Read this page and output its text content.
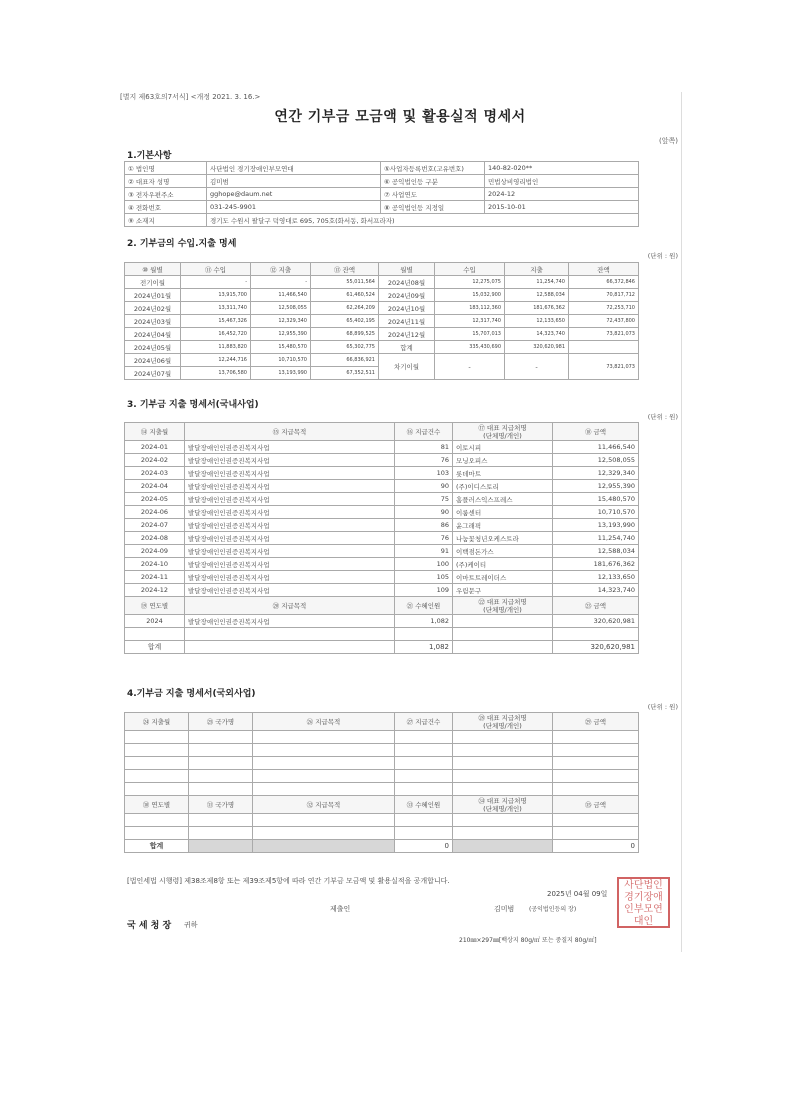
[별지 제63호의7서식] <개정 2021. 3. 16.>
연간 기부금 모금액 및 활용실적 명세서
(앞쪽)
1.기본사항
① 법인명	사단법인 경기장애인부모연대	⑤사업자등록번호(고유번호)	140-82-020**
② 대표자 성명	김미범	⑥ 공익법인등 구분	민법상비영리법인
③ 전자우편주소	gghope@daum.net	⑦ 사업연도	2024-12
④ 전화번호	031-245-9901	⑧ 공익법인등 지정일	2015-10-01
⑨ 소재지	경기도 수원시 팔달구 덕영대로 695, 705호(화서동, 화서프라자)		
2. 기부금의 수입.지출 명세
(단위 : 원)
⑩ 월별	⑪ 수입	⑫ 지출	⑬ 잔액	월별	수입	지출	잔액
전기이월	-	-	55,011,564	2024년08월	12,275,075	11,254,740	66,372,846
2024년01월	13,915,700	11,466,540	61,460,524	2024년09월	15,032,900	12,588,034	70,817,712
2024년02월	13,311,740	12,508,055	62,264,209	2024년10월	183,112,360	181,676,362	72,253,710
2024년03월	15,467,326	12,329,340	65,402,195	2024년11월	12,317,740	12,133,650	72,437,800
2024년04월	16,452,720	12,955,390	68,899,525	2024년12월	15,707,013	14,323,740	73,821,073
2024년05월	11,883,820	15,480,570	65,302,775	합계	335,430,690	320,620,981	
2024년06월	12,244,716	10,710,570	66,836,921	차기이월	-	-	73,821,073
2024년07월	13,706,580	13,193,990	67,352,511				
3. 기부금 지출 명세서(국내사업)
(단위 : 원)
⑭ 지출월	⑮ 지급목적	⑯ 지급건수	⑰ 대표 지급처명
(단체명/개인)	⑱ 금액
2024-01	발달장애인인권증진복지사업	81	이토시피	11,466,540
2024-02	발달장애인인권증진복지사업	76	모닝오피스	12,508,055
2024-03	발달장애인인권증진복지사업	103	롯데마트	12,329,340
2024-04	발달장애인인권증진복지사업	90	(주)이디스토리	12,955,390
2024-05	발달장애인인권증진복지사업	75	홈플러스익스프레스	15,480,570
2024-06	발달장애인인권증진복지사업	90	이룸센터	10,710,570
2024-07	발달장애인인권증진복지사업	86	윤그래픽	13,193,990
2024-08	발달장애인인권증진복지사업	76	나눔꽃청년오케스트라	11,254,740
2024-09	발달장애인인권증진복지사업	91	이백점돈가스	12,588,034
2024-10	발달장애인인권증진복지사업	100	(주)케이티	181,676,362
2024-11	발달장애인인권증진복지사업	105	이마트트레이더스	12,133,650
2024-12	발달장애인인권증진복지사업	109	우림문구	14,323,740
⑲ 연도별	⑳ 지급목적	㉑ 수혜인원	㉒ 대표 지급처명
(단체명/개인)	㉓ 금액
2024	발달장애인인권증진복지사업	1,082		320,620,981

합계		1,082		320,620,981
4.기부금 지출 명세서(국외사업)
(단위 : 원)
㉔ 지출월	㉕ 국가명	㉖ 지급목적	㉗ 지급건수	㉘ 대표 지급처명
(단체명/개인)	㉙ 금액

㉚ 연도별	㉛ 국가명	㉜ 지급목적	㉝ 수혜인원	㉞ 대표 지급처명
(단체명/개인)	㉟ 금액

합계			0		0
[법인세법 시행령] 제38조제8항 또는 제39조제5항에 따라 연간 기부금 모금액 및 활용실적을 공개합니다.
2025년 04월 09일
제출인	김미범 (공익법인등의 장)
국 세 청 장 귀하
210㎜×297㎜[백상지 80g/㎡ 또는 중질지 80g/㎡]
사단법인
경기장애
인부모연
대인
